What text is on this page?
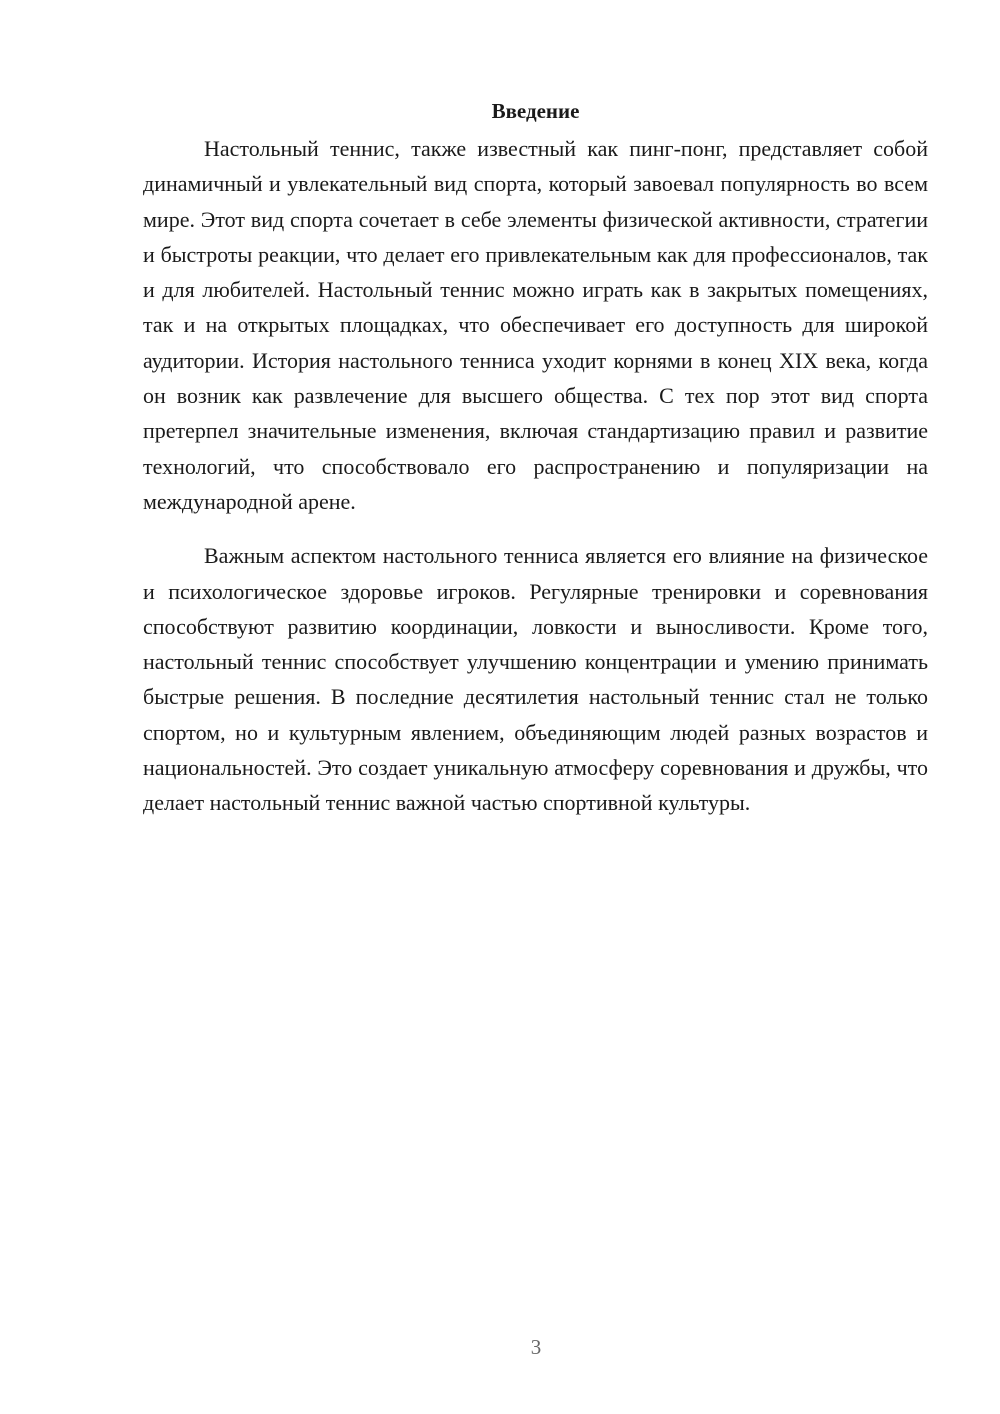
Введение

Настольный теннис, также известный как пинг-понг, представляет собой динамичный и увлекательный вид спорта, который завоевал популярность во всем мире. Этот вид спорта сочетает в себе элементы физической активности, стратегии и быстроты реакции, что делает его привлекательным как для профессионалов, так и для любителей. Настольный теннис можно играть как в закрытых помещениях, так и на открытых площадках, что обеспечивает его доступность для широкой аудитории. История настольного тенниса уходит корнями в конец XIX века, когда он возник как развлечение для высшего общества. С тех пор этот вид спорта претерпел значительные изменения, включая стандартизацию правил и развитие технологий, что способствовало его распространению и популяризации на международной арене.

Важным аспектом настольного тенниса является его влияние на физическое и психологическое здоровье игроков. Регулярные тренировки и соревнования способствуют развитию координации, ловкости и выносливости. Кроме того, настольный теннис способствует улучшению концентрации и умению принимать быстрые решения. В последние десятилетия настольный теннис стал не только спортом, но и культурным явлением, объединяющим людей разных возрастов и национальностей. Это создает уникальную атмосферу соревнования и дружбы, что делает настольный теннис важной частью спортивной культуры.

3
